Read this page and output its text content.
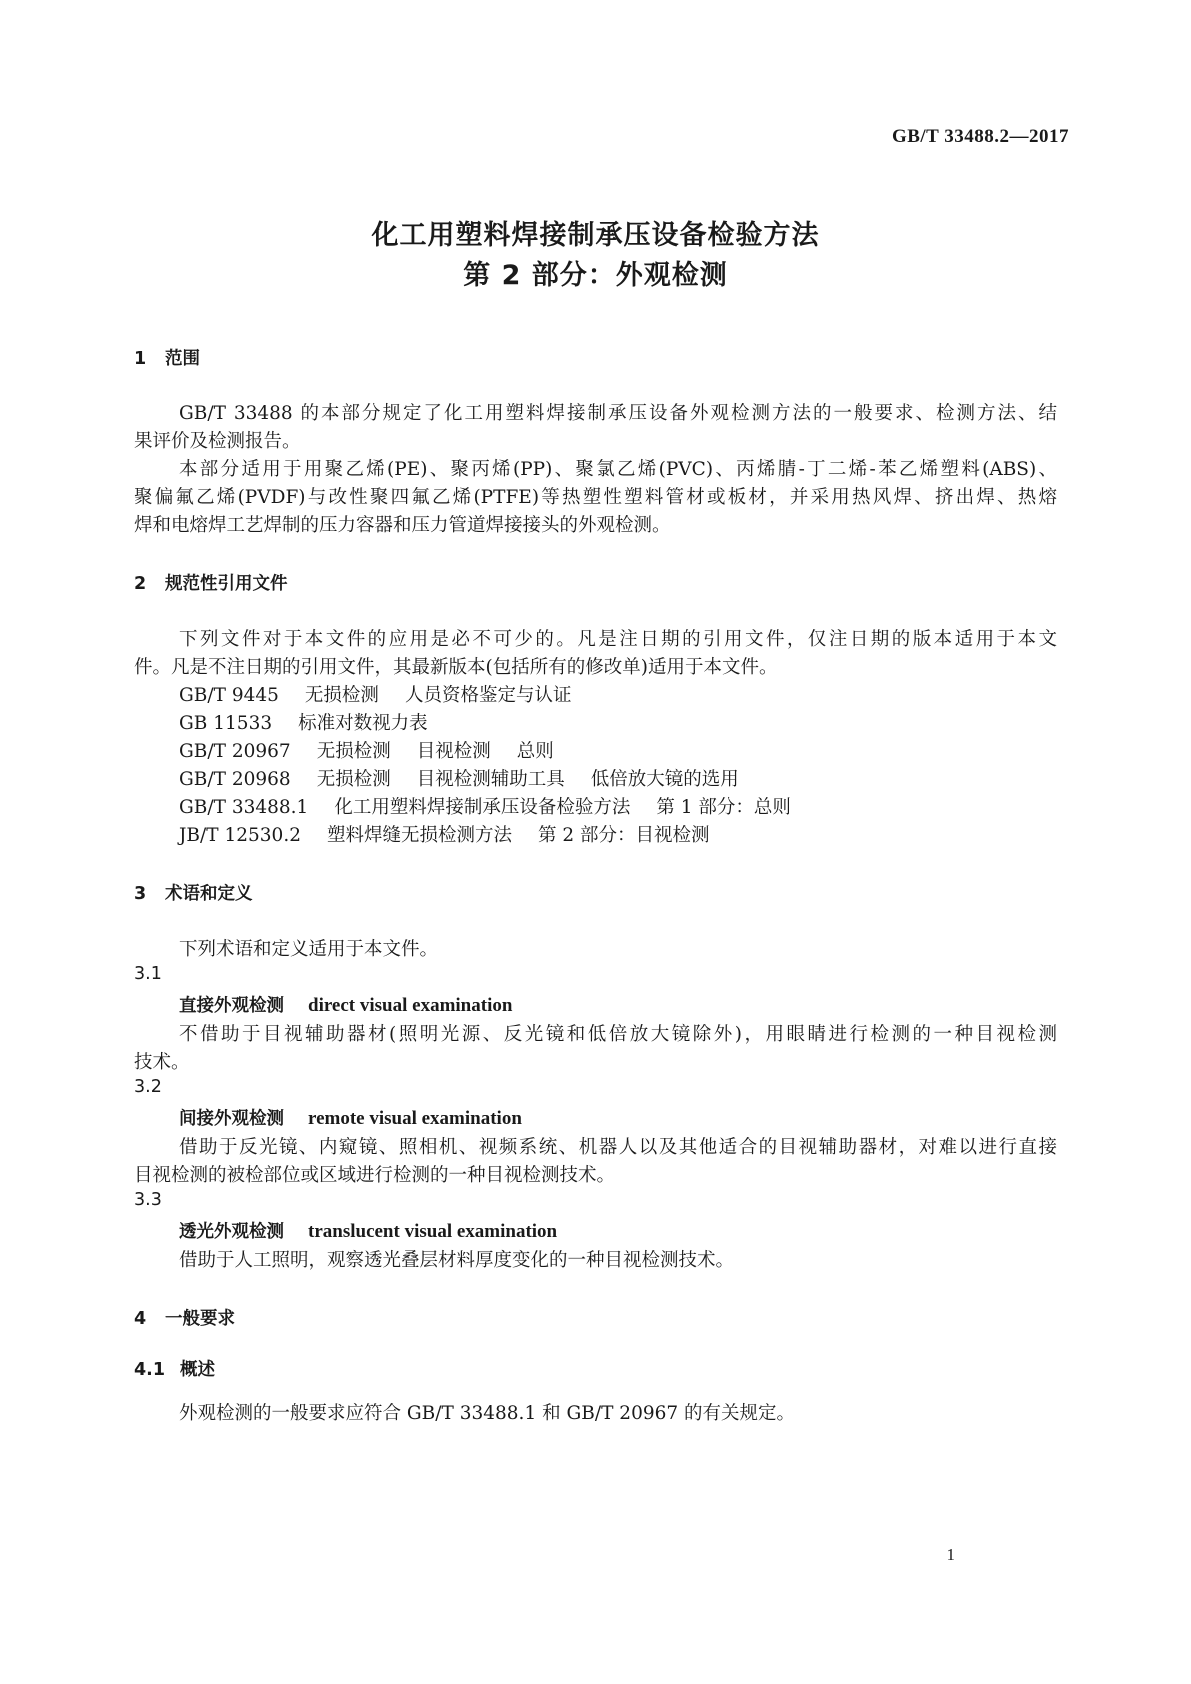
GB/T 33488.2—2017
化工用塑料焊接制承压设备检验方法
第 2 部分：外观检测
1 范围
GB/T 33488 的本部分规定了化工用塑料焊接制承压设备外观检测方法的一般要求、检测方法、结
果评价及检测报告。
本部分适用于用聚乙烯(PE)、聚丙烯(PP)、聚氯乙烯(PVC)、丙烯腈-丁二烯-苯乙烯塑料(ABS)、
聚偏氟乙烯(PVDF)与改性聚四氟乙烯(PTFE)等热塑性塑料管材或板材，并采用热风焊、挤出焊、热熔
焊和电熔焊工艺焊制的压力容器和压力管道焊接接头的外观检测。
2 规范性引用文件
下列文件对于本文件的应用是必不可少的。凡是注日期的引用文件，仅注日期的版本适用于本文
件。凡是不注日期的引用文件，其最新版本(包括所有的修改单)适用于本文件。
GB/T 9445 无损检测 人员资格鉴定与认证
GB 11533 标准对数视力表
GB/T 20967 无损检测 目视检测 总则
GB/T 20968 无损检测 目视检测辅助工具 低倍放大镜的选用
GB/T 33488.1 化工用塑料焊接制承压设备检验方法 第 1 部分：总则
JB/T 12530.2 塑料焊缝无损检测方法 第 2 部分：目视检测
3 术语和定义
下列术语和定义适用于本文件。
3.1
直接外观检测 direct visual examination
不借助于目视辅助器材(照明光源、反光镜和低倍放大镜除外)，用眼睛进行检测的一种目视检测
技术。
3.2
间接外观检测 remote visual examination
借助于反光镜、内窥镜、照相机、视频系统、机器人以及其他适合的目视辅助器材，对难以进行直接
目视检测的被检部位或区域进行检测的一种目视检测技术。
3.3
透光外观检测 translucent visual examination
借助于人工照明，观察透光叠层材料厚度变化的一种目视检测技术。
4 一般要求
4.1 概述
外观检测的一般要求应符合 GB/T 33488.1 和 GB/T 20967 的有关规定。
1
